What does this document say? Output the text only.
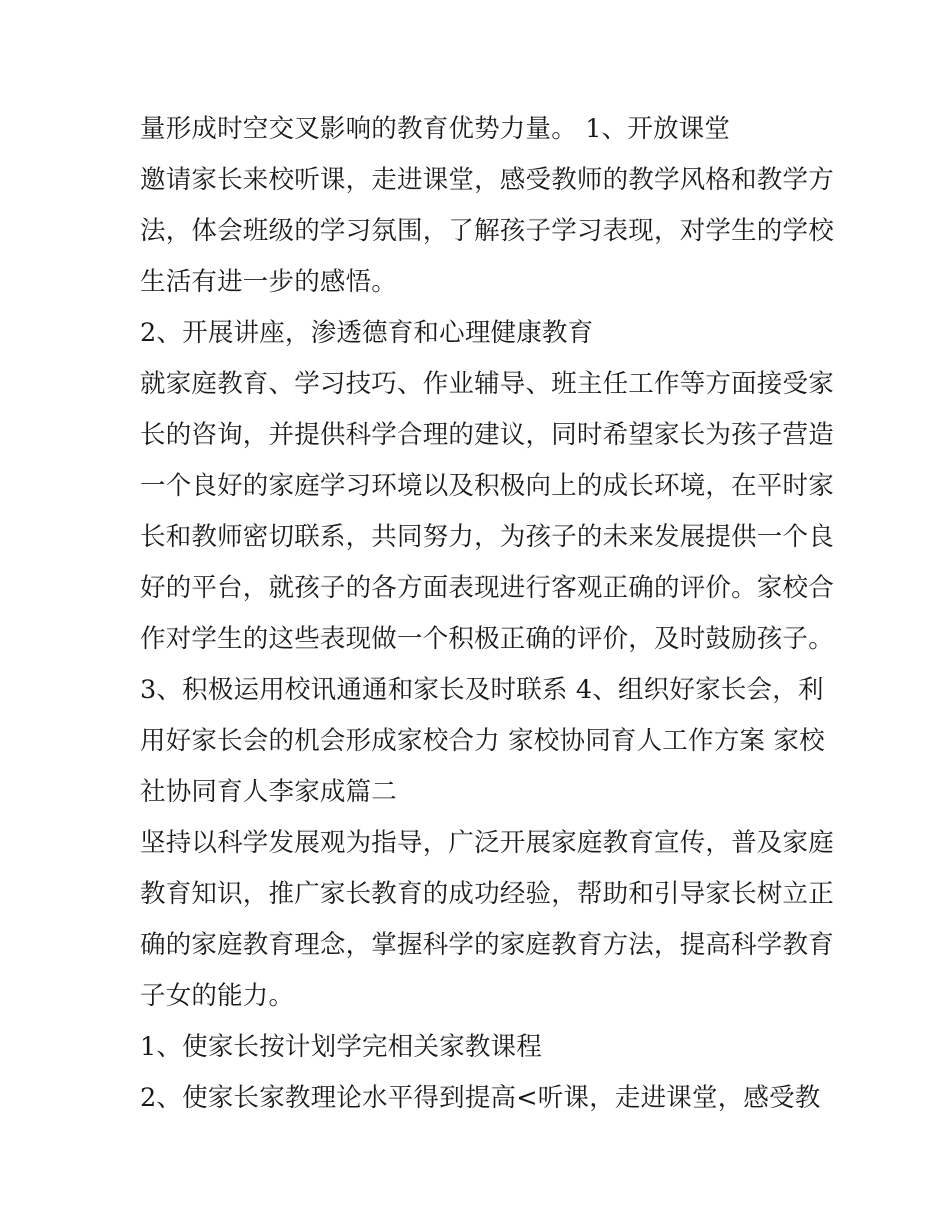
量形成时空交叉影响的教育优势力量。 1、开放课堂
邀请家长来校听课，走进课堂，感受教师的教学风格和教学方
法，体会班级的学习氛围，了解孩子学习表现，对学生的学校
生活有进一步的感悟。
2、开展讲座，渗透德育和心理健康教育
就家庭教育、学习技巧、作业辅导、班主任工作等方面接受家
长的咨询，并提供科学合理的建议，同时希望家长为孩子营造
一个良好的家庭学习环境以及积极向上的成长环境，在平时家
长和教师密切联系，共同努力，为孩子的未来发展提供一个良
好的平台，就孩子的各方面表现进行客观正确的评价。家校合
作对学生的这些表现做一个积极正确的评价，及时鼓励孩子。
3、积极运用校讯通通和家长及时联系 4、组织好家长会，利
用好家长会的机会形成家校合力 家校协同育人工作方案 家校
社协同育人李家成篇二
坚持以科学发展观为指导，广泛开展家庭教育宣传，普及家庭
教育知识，推广家长教育的成功经验，帮助和引导家长树立正
确的家庭教育理念，掌握科学的家庭教育方法，提高科学教育
子女的能力。
1、使家长按计划学完相关家教课程
2、使家长家教理论水平得到提高<听课，走进课堂，感受教
